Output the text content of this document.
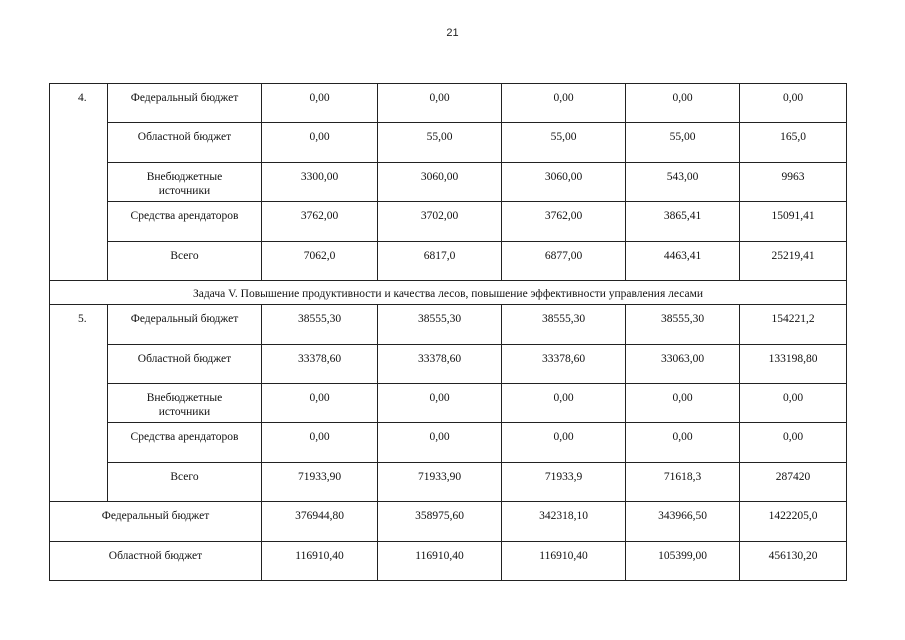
21
4.	Федеральный бюджет	0,00	0,00	0,00	0,00	0,00
	Областной бюджет	0,00	55,00	55,00	55,00	165,0
	Внебюджетные источники	3300,00	3060,00	3060,00	543,00	9963
	Средства арендаторов	3762,00	3702,00	3762,00	3865,41	15091,41
	Всего	7062,0	6817,0	6877,00	4463,41	25219,41
Задача V. Повышение продуктивности и качества лесов, повышение эффективности управления лесами						
5.	Федеральный бюджет	38555,30	38555,30	38555,30	38555,30	154221,2
	Областной бюджет	33378,60	33378,60	33378,60	33063,00	133198,80
	Внебюджетные источники	0,00	0,00	0,00	0,00	0,00
	Средства арендаторов	0,00	0,00	0,00	0,00	0,00
	Всего	71933,90	71933,90	71933,9	71618,3	287420
Федеральный бюджет		376944,80	358975,60	342318,10	343966,50	1422205,0
Областной бюджет		116910,40	116910,40	116910,40	105399,00	456130,20
